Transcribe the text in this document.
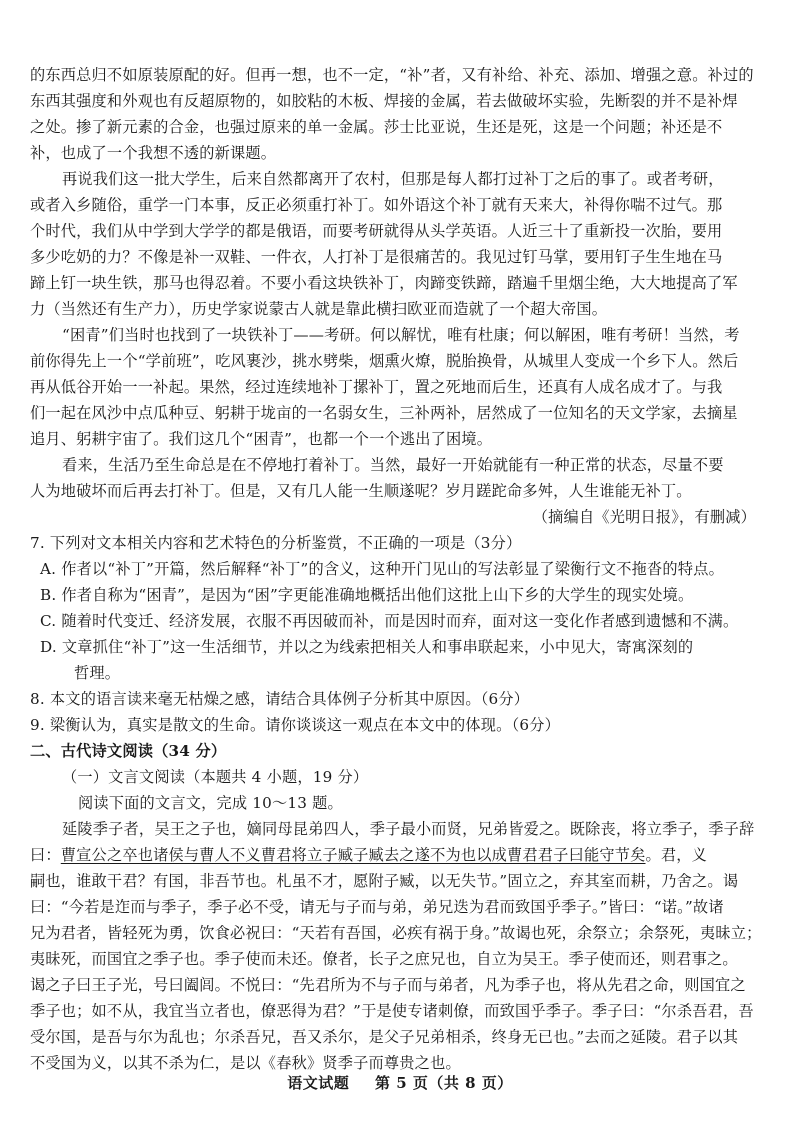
的东西总归不如原装原配的好。但再一想，也不一定，“补”者，又有补给、补充、添加、增强之意。补过的
东西其强度和外观也有反超原物的，如胶粘的木板、焊接的金属，若去做破坏实验，先断裂的并不是补焊
之处。掺了新元素的合金，也强过原来的单一金属。莎士比亚说，生还是死，这是一个问题；补还是不
补，也成了一个我想不透的新课题。
再说我们这一批大学生，后来自然都离开了农村，但那是每人都打过补丁之后的事了。或者考研，
或者入乡随俗，重学一门本事，反正必须重打补丁。如外语这个补丁就有天来大，补得你喘不过气。那
个时代，我们从中学到大学学的都是俄语，而要考研就得从头学英语。人近三十了重新投一次胎，要用
多少吃奶的力？不像是补一双鞋、一件衣，人打补丁是很痛苦的。我见过钉马掌，要用钉子生生地在马
蹄上钉一块生铁，那马也得忍着。不要小看这块铁补丁，肉蹄变铁蹄，踏遍千里烟尘绝，大大地提高了军
力（当然还有生产力），历史学家说蒙古人就是靠此横扫欧亚而造就了一个超大帝国。
“困青”们当时也找到了一块铁补丁——考研。何以解忧，唯有杜康；何以解困，唯有考研！当然，考
前你得先上一个“学前班”，吃风裹沙，挑水劈柴，烟熏火燎，脱胎换骨，从城里人变成一个乡下人。然后
再从低谷开始一一补起。果然，经过连续地补丁摞补丁，置之死地而后生，还真有人成名成才了。与我
们一起在风沙中点瓜种豆、躬耕于垅亩的一名弱女生，三补两补，居然成了一位知名的天文学家，去摘星
追月、躬耕宇宙了。我们这几个“困青”，也都一个一个逃出了困境。
看来，生活乃至生命总是在不停地打着补丁。当然，最好一开始就能有一种正常的状态，尽量不要
人为地破坏而后再去打补丁。但是，又有几人能一生顺遂呢？岁月蹉跎命多舛，人生谁能无补丁。
（摘编自《光明日报》，有删减）
7. 下列对文本相关内容和艺术特色的分析鉴赏，不正确的一项是（3分）
A. 作者以“补丁”开篇，然后解释“补丁”的含义，这种开门见山的写法彰显了梁衡行文不拖沓的特点。
B. 作者自称为“困青”，是因为“困”字更能准确地概括出他们这批上山下乡的大学生的现实处境。
C. 随着时代变迁、经济发展，衣服不再因破而补，而是因时而弃，面对这一变化作者感到遗憾和不满。
D. 文章抓住“补丁”这一生活细节，并以之为线索把相关人和事串联起来，小中见大，寄寓深刻的
哲理。
8. 本文的语言读来毫无枯燥之感，请结合具体例子分析其中原因。（6分）
9. 梁衡认为，真实是散文的生命。请你谈谈这一观点在本文中的体现。（6分）
二、古代诗文阅读（34 分）
（一）文言文阅读（本题共 4 小题，19 分）
阅读下面的文言文，完成 10～13 题。
延陵季子者，吴王之子也，嫡同母昆弟四人，季子最小而贤，兄弟皆爱之。既除丧，将立季子，季子辞
曰：曹宣公之卒也诸侯与曹人不义曹君将立子臧子臧去之遂不为也以成曹君君子曰能守节矣。君，义
嗣也，谁敢干君？有国，非吾节也。札虽不才，愿附子臧，以无失节。”固立之，弃其室而耕，乃舍之。谒
曰：“今若是迮而与季子，季子必不受，请无与子而与弟，弟兄迭为君而致国乎季子。”皆曰：“诺。”故诸
兄为君者，皆轻死为勇，饮食必祝曰：“天若有吾国，必疾有祸于身。”故谒也死，余祭立；余祭死，夷昧立；
夷昧死，而国宜之季子也。季子使而未还。僚者，长子之庶兄也，自立为吴王。季子使而还，则君事之。
谒之子曰王子光，号曰阖闾。不悦曰：“先君所为不与子而与弟者，凡为季子也，将从先君之命，则国宜之
季子也；如不从，我宜当立者也，僚恶得为君？”于是使专诸刺僚，而致国乎季子。季子曰：“尔杀吾君，吾
受尔国，是吾与尔为乱也；尔杀吾兄，吾又杀尔，是父子兄弟相杀，终身无已也。”去而之延陵。君子以其
不受国为义，以其不杀为仁，是以《春秋》贤季子而尊贵之也。
语文试题 第 5 页（共 8 页）
